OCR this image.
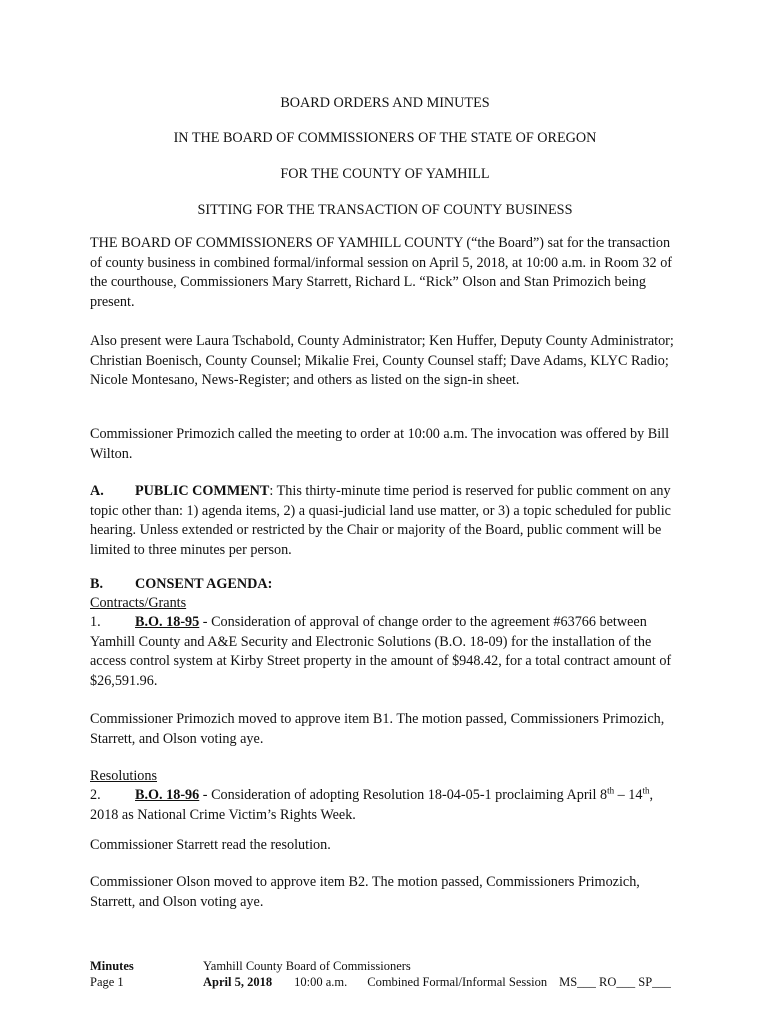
BOARD ORDERS AND MINUTES
IN THE BOARD OF COMMISSIONERS OF THE STATE OF OREGON
FOR THE COUNTY OF YAMHILL
SITTING FOR THE TRANSACTION OF COUNTY BUSINESS

THE BOARD OF COMMISSIONERS OF YAMHILL COUNTY (“the Board”) sat for the transaction of county business in combined formal/informal session on April 5, 2018, at 10:00 a.m. in Room 32 of the courthouse, Commissioners Mary Starrett, Richard L. “Rick” Olson and Stan Primozich being present.

Also present were Laura Tschabold, County Administrator; Ken Huffer, Deputy County Administrator; Christian Boenisch, County Counsel; Mikalie Frei, County Counsel staff; Dave Adams, KLYC Radio; Nicole Montesano, News-Register; and others as listed on the sign-in sheet.

Commissioner Primozich called the meeting to order at 10:00 a.m. The invocation was offered by Bill Wilton.

A. PUBLIC COMMENT: This thirty-minute time period is reserved for public comment on any topic other than: 1) agenda items, 2) a quasi-judicial land use matter, or 3) a topic scheduled for public hearing. Unless extended or restricted by the Chair or majority of the Board, public comment will be limited to three minutes per person.

B. CONSENT AGENDA:

Contracts/Grants

1. B.O. 18-95 - Consideration of approval of change order to the agreement #63766 between Yamhill County and A&E Security and Electronic Solutions (B.O. 18-09) for the installation of the access control system at Kirby Street property in the amount of $948.42, for a total contract amount of $26,591.96.

Commissioner Primozich moved to approve item B1. The motion passed, Commissioners Primozich, Starrett, and Olson voting aye.

Resolutions

2. B.O. 18-96 - Consideration of adopting Resolution 18-04-05-1 proclaiming April 8th – 14th, 2018 as National Crime Victim’s Rights Week.

Commissioner Starrett read the resolution.

Commissioner Olson moved to approve item B2. The motion passed, Commissioners Primozich, Starrett, and Olson voting aye.

Minutes
Page 1
Yamhill County Board of Commissioners
April 5, 2018 10:00 a.m. Combined Formal/Informal Session MS___ RO___ SP___
